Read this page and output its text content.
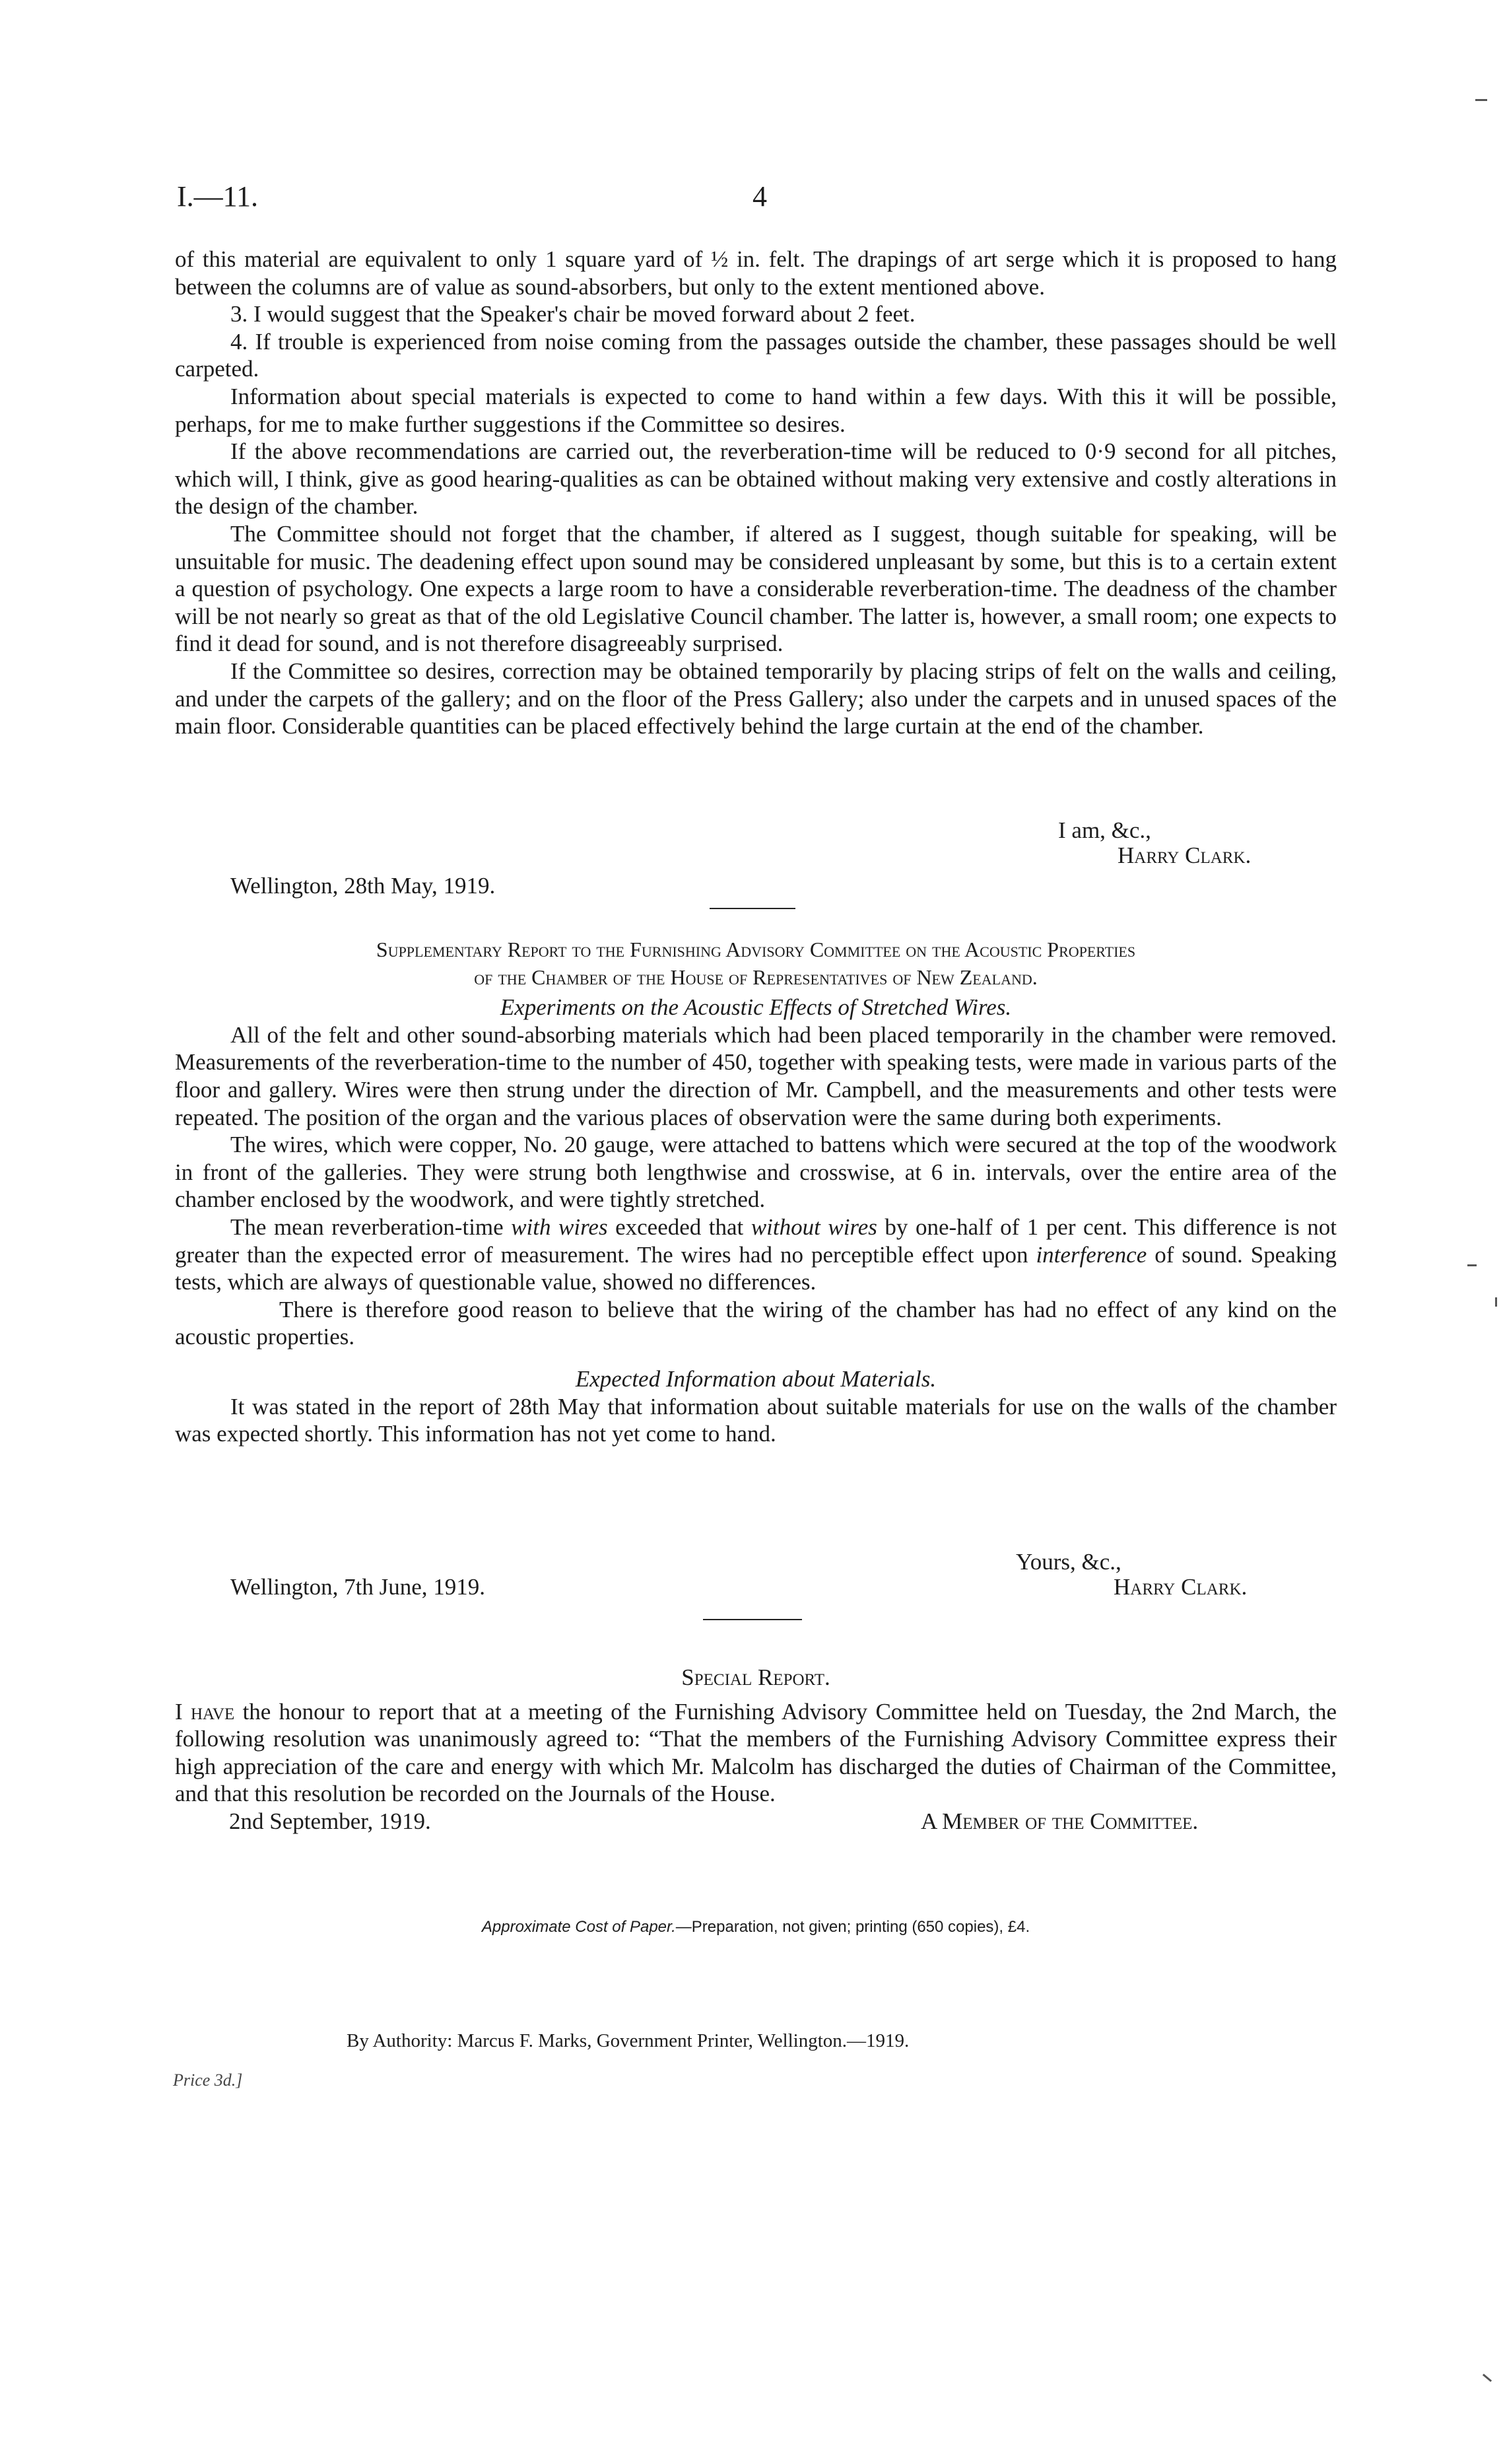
I.—11.	4

of this material are equivalent to only 1 square yard of ½ in. felt. The drapings of art serge which it is proposed to hang between the columns are of value as sound-absorbers, but only to the extent mentioned above.

3. I would suggest that the Speaker's chair be moved forward about 2 feet.

4. If trouble is experienced from noise coming from the passages outside the chamber, these passages should be well carpeted.

Information about special materials is expected to come to hand within a few days. With this it will be possible, perhaps, for me to make further suggestions if the Committee so desires.

If the above recommendations are carried out, the reverberation-time will be reduced to 0·9 second for all pitches, which will, I think, give as good hearing-qualities as can be obtained without making very extensive and costly alterations in the design of the chamber.

The Committee should not forget that the chamber, if altered as I suggest, though suitable for speaking, will be unsuitable for music. The deadening effect upon sound may be considered unpleasant by some, but this is to a certain extent a question of psychology. One expects a large room to have a considerable reverberation-time. The deadness of the chamber will be not nearly so great as that of the old Legislative Council chamber. The latter is, however, a small room; one expects to find it dead for sound, and is not therefore disagreeably surprised.

If the Committee so desires, correction may be obtained temporarily by placing strips of felt on the walls and ceiling, and under the carpets of the gallery; and on the floor of the Press Gallery; also under the carpets and in unused spaces of the main floor. Considerable quantities can be placed effectively behind the large curtain at the end of the chamber.

I am, &c.,
Harry Clark.
Wellington, 28th May, 1919.
Supplementary Report to the Furnishing Advisory Committee on the Acoustic Properties
of the Chamber of the House of Representatives of New Zealand.
Experiments on the Acoustic Effects of Stretched Wires.

All of the felt and other sound-absorbing materials which had been placed temporarily in the chamber were removed. Measurements of the reverberation-time to the number of 450, together with speaking tests, were made in various parts of the floor and gallery. Wires were then strung under the direction of Mr. Campbell, and the measurements and other tests were repeated. The position of the organ and the various places of observation were the same during both experiments.

The wires, which were copper, No. 20 gauge, were attached to battens which were secured at the top of the woodwork in front of the galleries. They were strung both lengthwise and crosswise, at 6 in. intervals, over the entire area of the chamber enclosed by the woodwork, and were tightly stretched.

The mean reverberation-time with wires exceeded that without wires by one-half of 1 per cent. This difference is not greater than the expected error of measurement. The wires had no perceptible effect upon interference of sound. Speaking tests, which are always of questionable value, showed no differences.

There is therefore good reason to believe that the wiring of the chamber has had no effect of any kind on the acoustic properties.

Expected Information about Materials.

It was stated in the report of 28th May that information about suitable materials for use on the walls of the chamber was expected shortly. This information has not yet come to hand.

Yours, &c.,
Wellington, 7th June, 1919.	Harry Clark.
Special Report.

I have the honour to report that at a meeting of the Furnishing Advisory Committee held on Tuesday, the 2nd March, the following resolution was unanimously agreed to: “That the members of the Furnishing Advisory Committee express their high appreciation of the care and energy with which Mr. Malcolm has discharged the duties of Chairman of the Committee, and that this resolution be recorded on the Journals of the House.

2nd September, 1919.	A Member of the Committee.
Approximate Cost of Paper.—Preparation, not given; printing (650 copies), £4.
By Authority: Marcus F. Marks, Government Printer, Wellington.—1919.
Price 3d.]
